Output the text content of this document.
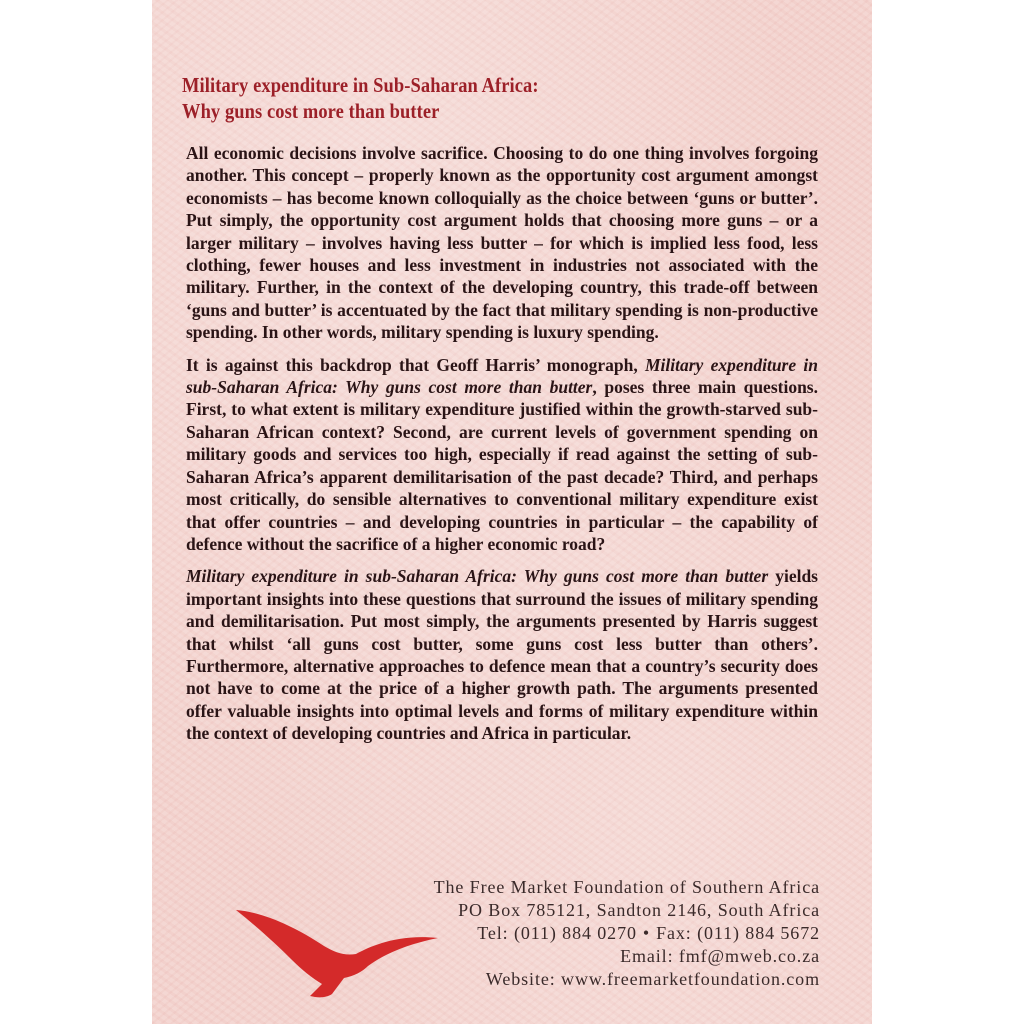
Military expenditure in Sub-Saharan Africa:
Why guns cost more than butter

All economic decisions involve sacrifice. Choosing to do one thing involves forgoing another. This concept – properly known as the opportunity cost argument amongst economists – has become known colloquially as the choice between ‘guns or butter’. Put simply, the opportunity cost argument holds that choosing more guns – or a larger military – involves having less butter – for which is implied less food, less clothing, fewer houses and less investment in industries not associated with the military. Further, in the context of the developing country, this trade-off between ‘guns and butter’ is accentuated by the fact that military spending is non-productive spending. In other words, military spending is luxury spending.

It is against this backdrop that Geoff Harris’ monograph, Military expenditure in sub-Saharan Africa: Why guns cost more than butter, poses three main questions. First, to what extent is military expenditure justified within the growth-starved sub-Saharan African context? Second, are current levels of government spending on military goods and services too high, especially if read against the setting of sub-Saharan Africa’s apparent demilitarisation of the past decade? Third, and perhaps most critically, do sensible alternatives to conventional military expenditure exist that offer countries – and developing countries in particular – the capability of defence without the sacrifice of a higher economic road?

Military expenditure in sub-Saharan Africa: Why guns cost more than butter yields important insights into these questions that surround the issues of military spending and demilitarisation. Put most simply, the arguments presented by Harris suggest that whilst ‘all guns cost butter, some guns cost less butter than others’. Furthermore, alternative approaches to defence mean that a country’s security does not have to come at the price of a higher growth path. The arguments presented offer valuable insights into optimal levels and forms of military expenditure within the context of developing countries and Africa in particular.

The Free Market Foundation of Southern Africa
PO Box 785121, Sandton 2146, South Africa
Tel: (011) 884 0270 • Fax: (011) 884 5672
Email: fmf@mweb.co.za
Website: www.freemarketfoundation.com
